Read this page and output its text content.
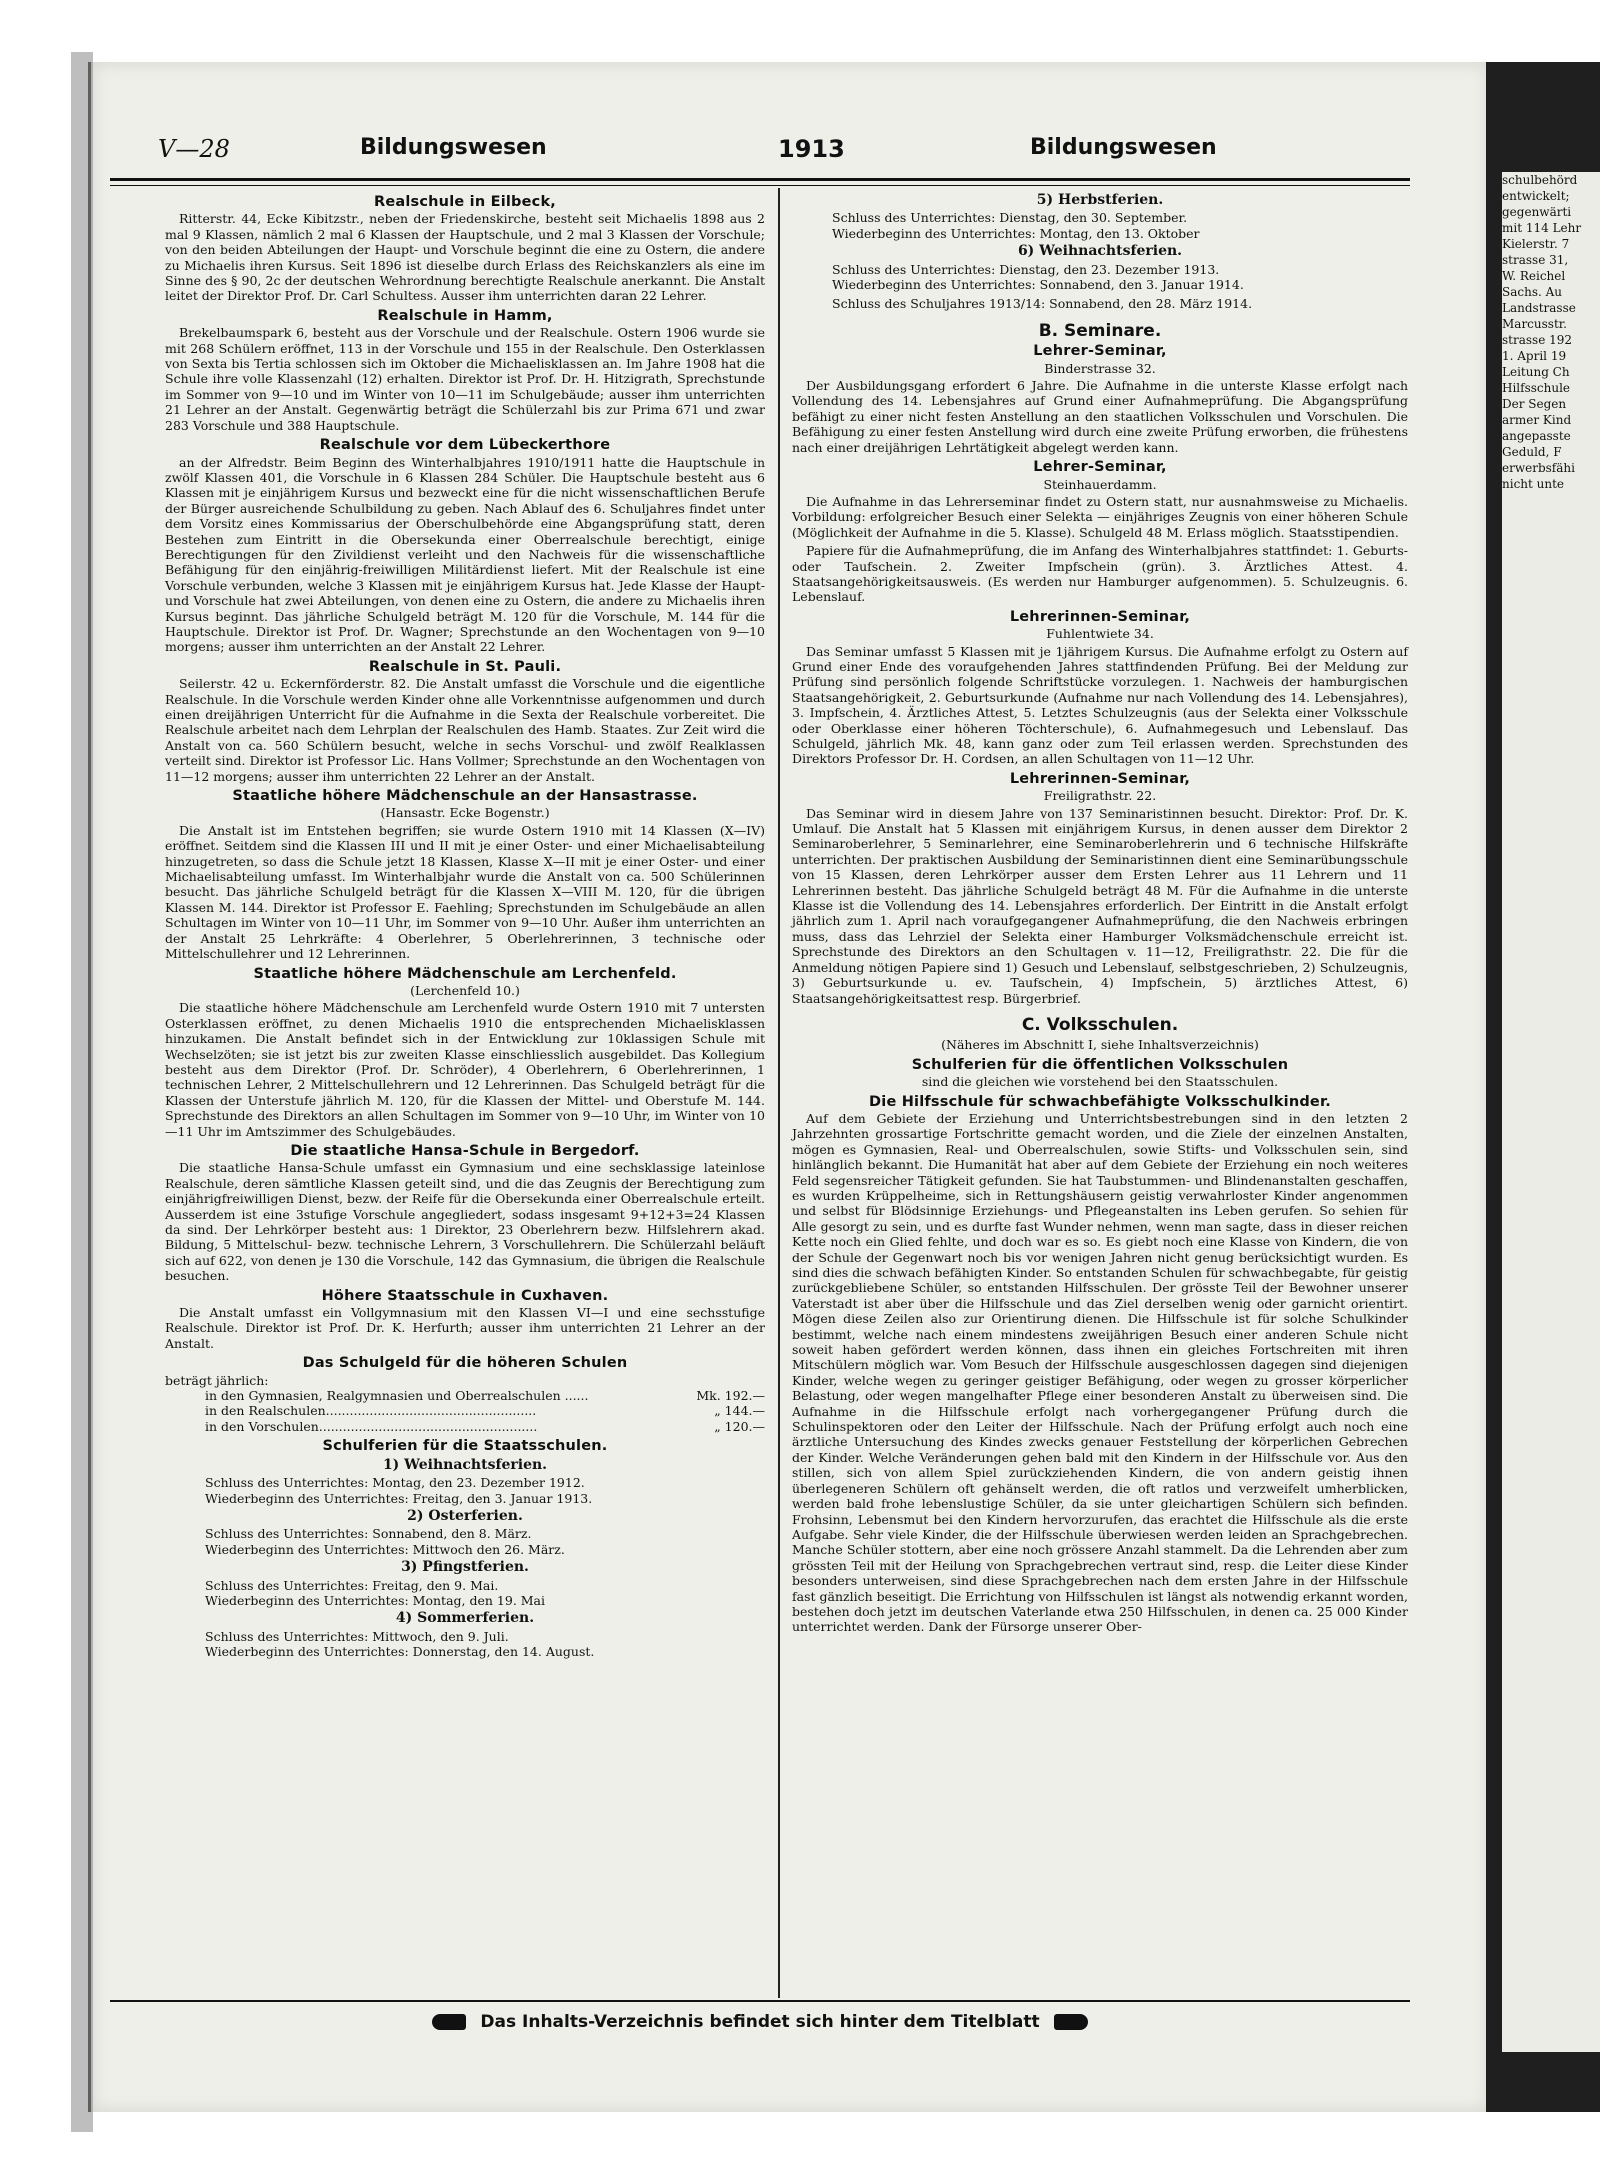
schulbehörd
entwickelt;
gegenwärti
mit 114 Lehr
Kielerstr. 7
strasse 31,
W. Reichel
Sachs. Au
Landstrasse
Marcusstr.
strasse 192
1. April 19
Leitung Ch
Hilfsschule
Der Segen
armer Kind
angepasste
Geduld, F
erwerbsfähi
nicht unte
V—28	Bildungswesen	1913	Bildungswesen
Realschule in Eilbeck,

Ritterstr. 44, Ecke Kibitzstr., neben der Friedenskirche, besteht seit Michaelis 1898 aus 2 mal 9 Klassen, nämlich 2 mal 6 Klassen der Hauptschule, und 2 mal 3 Klassen der Vorschule; von den beiden Abteilungen der Haupt- und Vorschule beginnt die eine zu Ostern, die andere zu Michaelis ihren Kursus. Seit 1896 ist dieselbe durch Erlass des Reichskanzlers als eine im Sinne des § 90, 2c der deutschen Wehrordnung berechtigte Realschule anerkannt. Die Anstalt leitet der Direktor Prof. Dr. Carl Schultess. Ausser ihm unterrichten daran 22 Lehrer.

Realschule in Hamm,

Brekelbaumspark 6, besteht aus der Vorschule und der Realschule. Ostern 1906 wurde sie mit 268 Schülern eröffnet, 113 in der Vorschule und 155 in der Realschule. Den Osterklassen von Sexta bis Tertia schlossen sich im Oktober die Michaelisklassen an. Im Jahre 1908 hat die Schule ihre volle Klassenzahl (12) erhalten. Direktor ist Prof. Dr. H. Hitzigrath, Sprechstunde im Sommer von 9—10 und im Winter von 10—11 im Schulgebäude; ausser ihm unterrichten 21 Lehrer an der Anstalt. Gegenwärtig beträgt die Schülerzahl bis zur Prima 671 und zwar 283 Vorschule und 388 Hauptschule.

Realschule vor dem Lübeckerthore

an der Alfredstr. Beim Beginn des Winterhalbjahres 1910/1911 hatte die Hauptschule in zwölf Klassen 401, die Vorschule in 6 Klassen 284 Schüler. Die Hauptschule besteht aus 6 Klassen mit je einjährigem Kursus und bezweckt eine für die nicht wissenschaftlichen Berufe der Bürger ausreichende Schulbildung zu geben. Nach Ablauf des 6. Schuljahres findet unter dem Vorsitz eines Kommissarius der Oberschulbehörde eine Abgangsprüfung statt, deren Bestehen zum Eintritt in die Obersekunda einer Oberrealschule berechtigt, einige Berechtigungen für den Zivildienst verleiht und den Nachweis für die wissenschaftliche Befähigung für den einjährig-freiwilligen Militärdienst liefert. Mit der Realschule ist eine Vorschule verbunden, welche 3 Klassen mit je einjährigem Kursus hat. Jede Klasse der Haupt- und Vorschule hat zwei Abteilungen, von denen eine zu Ostern, die andere zu Michaelis ihren Kursus beginnt. Das jährliche Schulgeld beträgt M. 120 für die Vorschule, M. 144 für die Hauptschule. Direktor ist Prof. Dr. Wagner; Sprechstunde an den Wochentagen von 9—10 morgens; ausser ihm unterrichten an der Anstalt 22 Lehrer.

Realschule in St. Pauli.

Seilerstr. 42 u. Eckernförderstr. 82. Die Anstalt umfasst die Vorschule und die eigentliche Realschule. In die Vorschule werden Kinder ohne alle Vorkenntnisse aufgenommen und durch einen dreijährigen Unterricht für die Aufnahme in die Sexta der Realschule vorbereitet. Die Realschule arbeitet nach dem Lehrplan der Realschulen des Hamb. Staates. Zur Zeit wird die Anstalt von ca. 560 Schülern besucht, welche in sechs Vorschul- und zwölf Realklassen verteilt sind. Direktor ist Professor Lic. Hans Vollmer; Sprechstunde an den Wochentagen von 11—12 morgens; ausser ihm unterrichten 22 Lehrer an der Anstalt.

Staatliche höhere Mädchenschule an der Hansastrasse.
(Hansastr. Ecke Bogenstr.)

Die Anstalt ist im Entstehen begriffen; sie wurde Ostern 1910 mit 14 Klassen (X—IV) eröffnet. Seitdem sind die Klassen III und II mit je einer Oster- und einer Michaelisabteilung hinzugetreten, so dass die Schule jetzt 18 Klassen, Klasse X—II mit je einer Oster- und einer Michaelisabteilung umfasst. Im Winterhalbjahr wurde die Anstalt von ca. 500 Schülerinnen besucht. Das jährliche Schulgeld beträgt für die Klassen X—VIII M. 120, für die übrigen Klassen M. 144. Direktor ist Professor E. Faehling; Sprechstunden im Schulgebäude an allen Schultagen im Winter von 10—11 Uhr, im Sommer von 9—10 Uhr. Außer ihm unterrichten an der Anstalt 25 Lehrkräfte: 4 Oberlehrer, 5 Oberlehrerinnen, 3 technische oder Mittelschullehrer und 12 Lehrerinnen.

Staatliche höhere Mädchenschule am Lerchenfeld.
(Lerchenfeld 10.)

Die staatliche höhere Mädchenschule am Lerchenfeld wurde Ostern 1910 mit 7 untersten Osterklassen eröffnet, zu denen Michaelis 1910 die entsprechenden Michaelisklassen hinzukamen. Die Anstalt befindet sich in der Entwicklung zur 10klassigen Schule mit Wechselzöten; sie ist jetzt bis zur zweiten Klasse einschliesslich ausgebildet. Das Kollegium besteht aus dem Direktor (Prof. Dr. Schröder), 4 Oberlehrern, 6 Oberlehrerinnen, 1 technischen Lehrer, 2 Mittelschullehrern und 12 Lehrerinnen. Das Schulgeld beträgt für die Klassen der Unterstufe jährlich M. 120, für die Klassen der Mittel- und Oberstufe M. 144. Sprechstunde des Direktors an allen Schultagen im Sommer von 9—10 Uhr, im Winter von 10—11 Uhr im Amtszimmer des Schulgebäudes.

Die staatliche Hansa-Schule in Bergedorf.

Die staatliche Hansa-Schule umfasst ein Gymnasium und eine sechsklassige lateinlose Realschule, deren sämtliche Klassen geteilt sind, und die das Zeugnis der Berechtigung zum einjährigfreiwilligen Dienst, bezw. der Reife für die Obersekunda einer Oberrealschule erteilt. Ausserdem ist eine 3stufige Vorschule angegliedert, sodass insgesamt 9+12+3=24 Klassen da sind. Der Lehrkörper besteht aus: 1 Direktor, 23 Oberlehrern bezw. Hilfslehrern akad. Bildung, 5 Mittelschul- bezw. technische Lehrern, 3 Vorschullehrern. Die Schülerzahl beläuft sich auf 622, von denen je 130 die Vorschule, 142 das Gymnasium, die übrigen die Realschule besuchen.

Höhere Staatsschule in Cuxhaven.

Die Anstalt umfasst ein Vollgymnasium mit den Klassen VI—I und eine sechsstufige Realschule. Direktor ist Prof. Dr. K. Herfurth; ausser ihm unterrichten 21 Lehrer an der Anstalt.

Das Schulgeld für die höheren Schulen
beträgt jährlich:
in den Gymnasien, Realgymnasien und Oberrealschulen ......	Mk. 192.—
in den Realschulen.....................................................	„ 144.—
in den Vorschulen.......................................................	„ 120.—
Schulferien für die Staatsschulen.
1) Weihnachtsferien.
Schluss des Unterrichtes: Montag, den 23. Dezember 1912.
Wiederbeginn des Unterrichtes: Freitag, den 3. Januar 1913.
2) Osterferien.
Schluss des Unterrichtes: Sonnabend, den 8. März.
Wiederbeginn des Unterrichtes: Mittwoch den 26. März.
3) Pfingstferien.
Schluss des Unterrichtes: Freitag, den 9. Mai.
Wiederbeginn des Unterrichtes: Montag, den 19. Mai
4) Sommerferien.
Schluss des Unterrichtes: Mittwoch, den 9. Juli.
Wiederbeginn des Unterrichtes: Donnerstag, den 14. August.
5) Herbstferien.
Schluss des Unterrichtes: Dienstag, den 30. September.
Wiederbeginn des Unterrichtes: Montag, den 13. Oktober
6) Weihnachtsferien.
Schluss des Unterrichtes: Dienstag, den 23. Dezember 1913.
Wiederbeginn des Unterrichtes: Sonnabend, den 3. Januar 1914.
Schluss des Schuljahres 1913/14: Sonnabend, den 28. März 1914.
B. Seminare.
Lehrer-Seminar,
Binderstrasse 32.

Der Ausbildungsgang erfordert 6 Jahre. Die Aufnahme in die unterste Klasse erfolgt nach Vollendung des 14. Lebensjahres auf Grund einer Aufnahmeprüfung. Die Abgangsprüfung befähigt zu einer nicht festen Anstellung an den staatlichen Volksschulen und Vorschulen. Die Befähigung zu einer festen Anstellung wird durch eine zweite Prüfung erworben, die frühestens nach einer dreijährigen Lehrtätigkeit abgelegt werden kann.

Lehrer-Seminar,
Steinhauerdamm.

Die Aufnahme in das Lehrerseminar findet zu Ostern statt, nur ausnahmsweise zu Michaelis. Vorbildung: erfolgreicher Besuch einer Selekta — einjähriges Zeugnis von einer höheren Schule (Möglichkeit der Aufnahme in die 5. Klasse). Schulgeld 48 M. Erlass möglich. Staatsstipendien.

Papiere für die Aufnahmeprüfung, die im Anfang des Winterhalbjahres stattfindet: 1. Geburts- oder Taufschein. 2. Zweiter Impfschein (grün). 3. Ärztliches Attest. 4. Staatsangehörigkeitsausweis. (Es werden nur Hamburger aufgenommen). 5. Schulzeugnis. 6. Lebenslauf.

Lehrerinnen-Seminar,
Fuhlentwiete 34.

Das Seminar umfasst 5 Klassen mit je 1jährigem Kursus. Die Aufnahme erfolgt zu Ostern auf Grund einer Ende des voraufgehenden Jahres stattfindenden Prüfung. Bei der Meldung zur Prüfung sind persönlich folgende Schriftstücke vorzulegen. 1. Nachweis der hamburgischen Staatsangehörigkeit, 2. Geburtsurkunde (Aufnahme nur nach Vollendung des 14. Lebensjahres), 3. Impfschein, 4. Ärztliches Attest, 5. Letztes Schulzeugnis (aus der Selekta einer Volksschule oder Oberklasse einer höheren Töchterschule), 6. Aufnahmegesuch und Lebenslauf. Das Schulgeld, jährlich Mk. 48, kann ganz oder zum Teil erlassen werden. Sprechstunden des Direktors Professor Dr. H. Cordsen, an allen Schultagen von 11—12 Uhr.

Lehrerinnen-Seminar,
Freiligrathstr. 22.

Das Seminar wird in diesem Jahre von 137 Seminaristinnen besucht. Direktor: Prof. Dr. K. Umlauf. Die Anstalt hat 5 Klassen mit einjährigem Kursus, in denen ausser dem Direktor 2 Seminaroberlehrer, 5 Seminarlehrer, eine Seminaroberlehrerin und 6 technische Hilfskräfte unterrichten. Der praktischen Ausbildung der Seminaristinnen dient eine Seminarübungsschule von 15 Klassen, deren Lehrkörper ausser dem Ersten Lehrer aus 11 Lehrern und 11 Lehrerinnen besteht. Das jährliche Schulgeld beträgt 48 M. Für die Aufnahme in die unterste Klasse ist die Vollendung des 14. Lebensjahres erforderlich. Der Eintritt in die Anstalt erfolgt jährlich zum 1. April nach voraufgegangener Aufnahmeprüfung, die den Nachweis erbringen muss, dass das Lehrziel der Selekta einer Hamburger Volksmädchenschule erreicht ist. Sprechstunde des Direktors an den Schultagen v. 11—12, Freiligrathstr. 22. Die für die Anmeldung nötigen Papiere sind 1) Gesuch und Lebenslauf, selbstgeschrieben, 2) Schulzeugnis, 3) Geburtsurkunde u. ev. Taufschein, 4) Impfschein, 5) ärztliches Attest, 6) Staatsangehörigkeitsattest resp. Bürgerbrief.

C. Volksschulen.
(Näheres im Abschnitt I, siehe Inhaltsverzeichnis)
Schulferien für die öffentlichen Volksschulen
sind die gleichen wie vorstehend bei den Staatsschulen.
Die Hilfsschule für schwachbefähigte Volksschulkinder.

Auf dem Gebiete der Erziehung und Unterrichtsbestrebungen sind in den letzten 2 Jahrzehnten grossartige Fortschritte gemacht worden, und die Ziele der einzelnen Anstalten, mögen es Gymnasien, Real- und Oberrealschulen, sowie Stifts- und Volksschulen sein, sind hinlänglich bekannt. Die Humanität hat aber auf dem Gebiete der Erziehung ein noch weiteres Feld segensreicher Tätigkeit gefunden. Sie hat Taubstummen- und Blindenanstalten geschaffen, es wurden Krüppelheime, sich in Rettungshäusern geistig verwahrloster Kinder angenommen und selbst für Blödsinnige Erziehungs- und Pflegeanstalten ins Leben gerufen. So sehien für Alle gesorgt zu sein, und es durfte fast Wunder nehmen, wenn man sagte, dass in dieser reichen Kette noch ein Glied fehlte, und doch war es so. Es giebt noch eine Klasse von Kindern, die von der Schule der Gegenwart noch bis vor wenigen Jahren nicht genug berücksichtigt wurden. Es sind dies die schwach befähigten Kinder. So entstanden Schulen für schwachbegabte, für geistig zurückgebliebene Schüler, so entstanden Hilfsschulen. Der grösste Teil der Bewohner unserer Vaterstadt ist aber über die Hilfsschule und das Ziel derselben wenig oder garnicht orientirt. Mögen diese Zeilen also zur Orientirung dienen. Die Hilfsschule ist für solche Schulkinder bestimmt, welche nach einem mindestens zweijährigen Besuch einer anderen Schule nicht soweit haben gefördert werden können, dass ihnen ein gleiches Fortschreiten mit ihren Mitschülern möglich war. Vom Besuch der Hilfsschule ausgeschlossen dagegen sind diejenigen Kinder, welche wegen zu geringer geistiger Befähigung, oder wegen zu grosser körperlicher Belastung, oder wegen mangelhafter Pflege einer besonderen Anstalt zu überweisen sind. Die Aufnahme in die Hilfsschule erfolgt nach vorhergegangener Prüfung durch die Schulinspektoren oder den Leiter der Hilfsschule. Nach der Prüfung erfolgt auch noch eine ärztliche Untersuchung des Kindes zwecks genauer Feststellung der körperlichen Gebrechen der Kinder. Welche Veränderungen gehen bald mit den Kindern in der Hilfsschule vor. Aus den stillen, sich von allem Spiel zurückziehenden Kindern, die von andern geistig ihnen überlegeneren Schülern oft gehänselt werden, die oft ratlos und verzweifelt umherblicken, werden bald frohe lebenslustige Schüler, da sie unter gleichartigen Schülern sich befinden. Frohsinn, Lebensmut bei den Kindern hervorzurufen, das erachtet die Hilfsschule als die erste Aufgabe. Sehr viele Kinder, die der Hilfsschule überwiesen werden leiden an Sprachgebrechen. Manche Schüler stottern, aber eine noch grössere Anzahl stammelt. Da die Lehrenden aber zum grössten Teil mit der Heilung von Sprachgebrechen vertraut sind, resp. die Leiter diese Kinder besonders unterweisen, sind diese Sprachgebrechen nach dem ersten Jahre in der Hilfsschule fast gänzlich beseitigt. Die Errichtung von Hilfsschulen ist längst als notwendig erkannt worden, bestehen doch jetzt im deutschen Vaterlande etwa 250 Hilfsschulen, in denen ca. 25 000 Kinder unterrichtet werden. Dank der Fürsorge unserer Ober-

Das Inhalts-Verzeichnis befindet sich hinter dem Titelblatt
